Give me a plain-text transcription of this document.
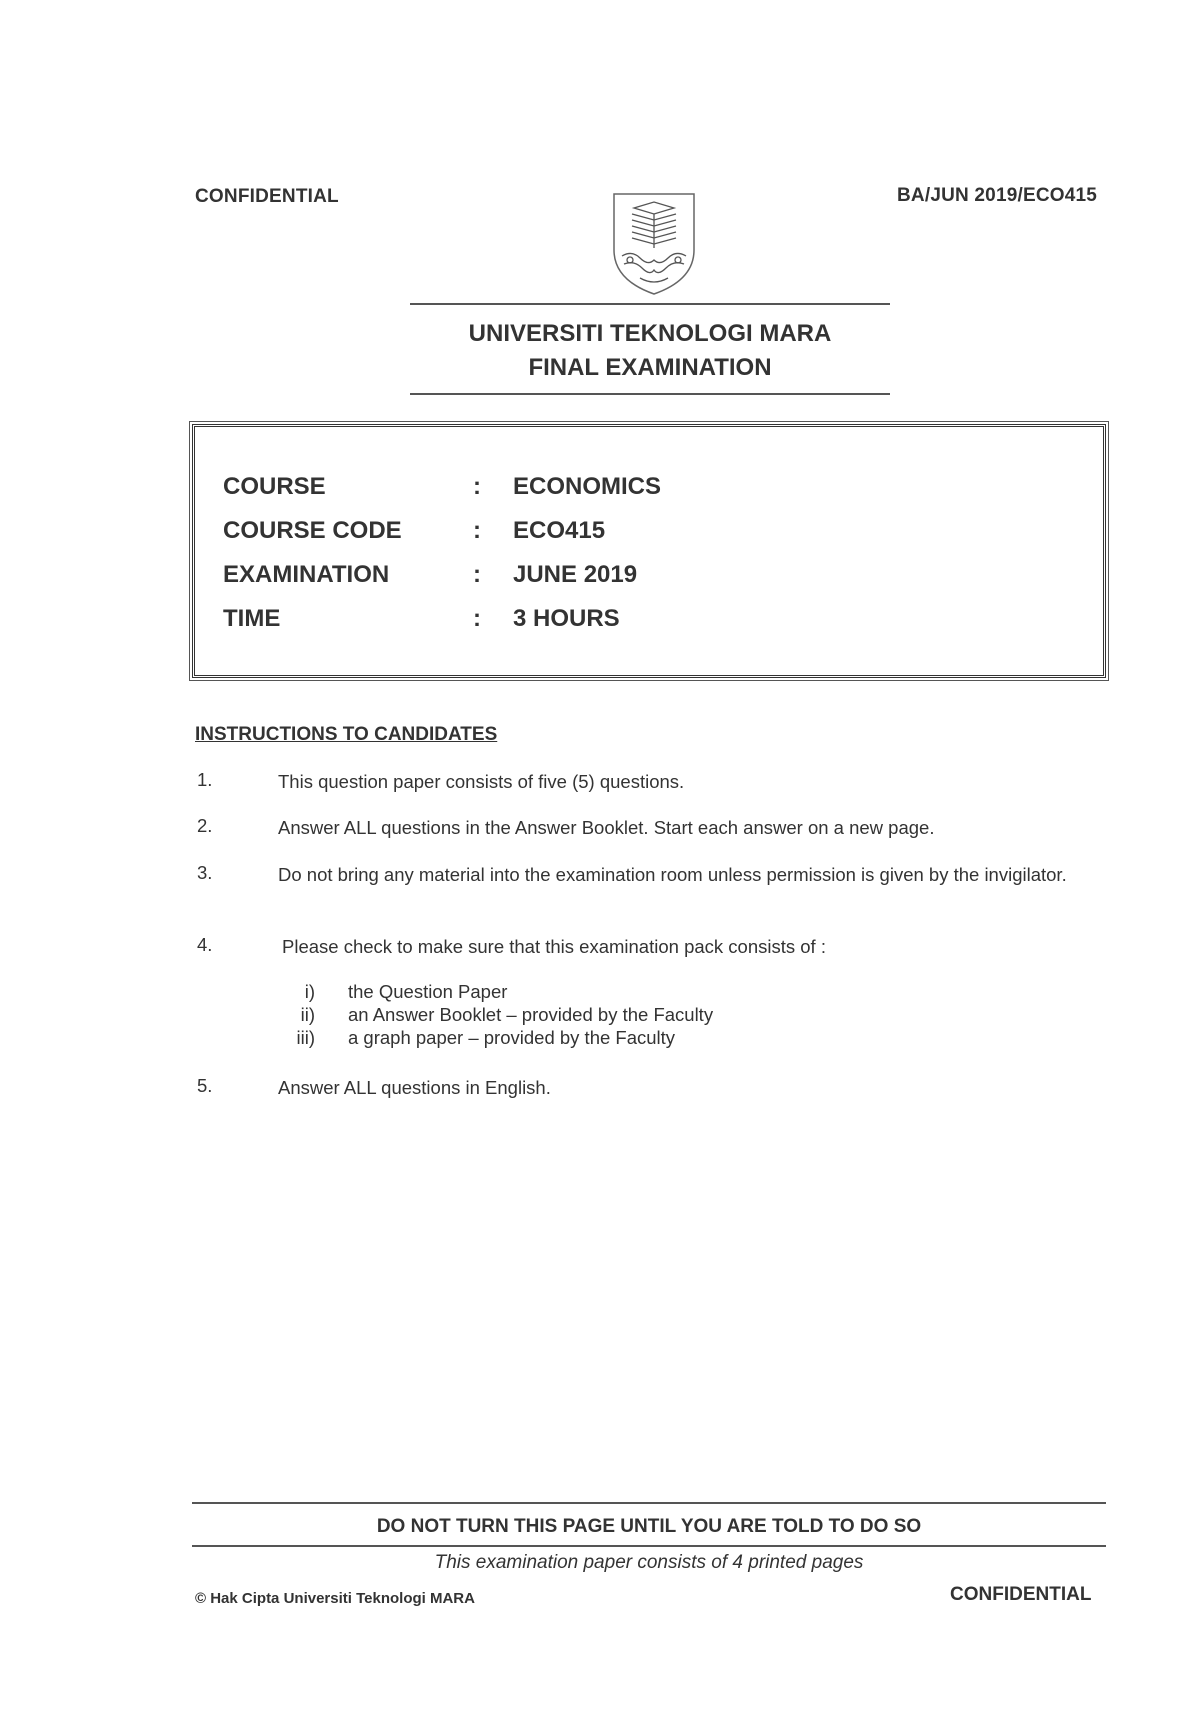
CONFIDENTIAL	BA/JUN 2019/ECO415
UNIVERSITI TEKNOLOGI MARA
FINAL EXAMINATION
COURSE	: ECONOMICS
COURSE CODE	: ECO415
EXAMINATION	: JUNE 2019
TIME	: 3 HOURS
INSTRUCTIONS TO CANDIDATES
1.	This question paper consists of five (5) questions.
2.	Answer ALL questions in the Answer Booklet. Start each answer on a new page.
3.	Do not bring any material into the examination room unless permission is given by the invigilator.
4.	Please check to make sure that this examination pack consists of :
i) the Question Paper
ii) an Answer Booklet – provided by the Faculty
iii) a graph paper – provided by the Faculty
5.	Answer ALL questions in English.
DO NOT TURN THIS PAGE UNTIL YOU ARE TOLD TO DO SO
This examination paper consists of 4 printed pages
© Hak Cipta Universiti Teknologi MARA	CONFIDENTIAL
